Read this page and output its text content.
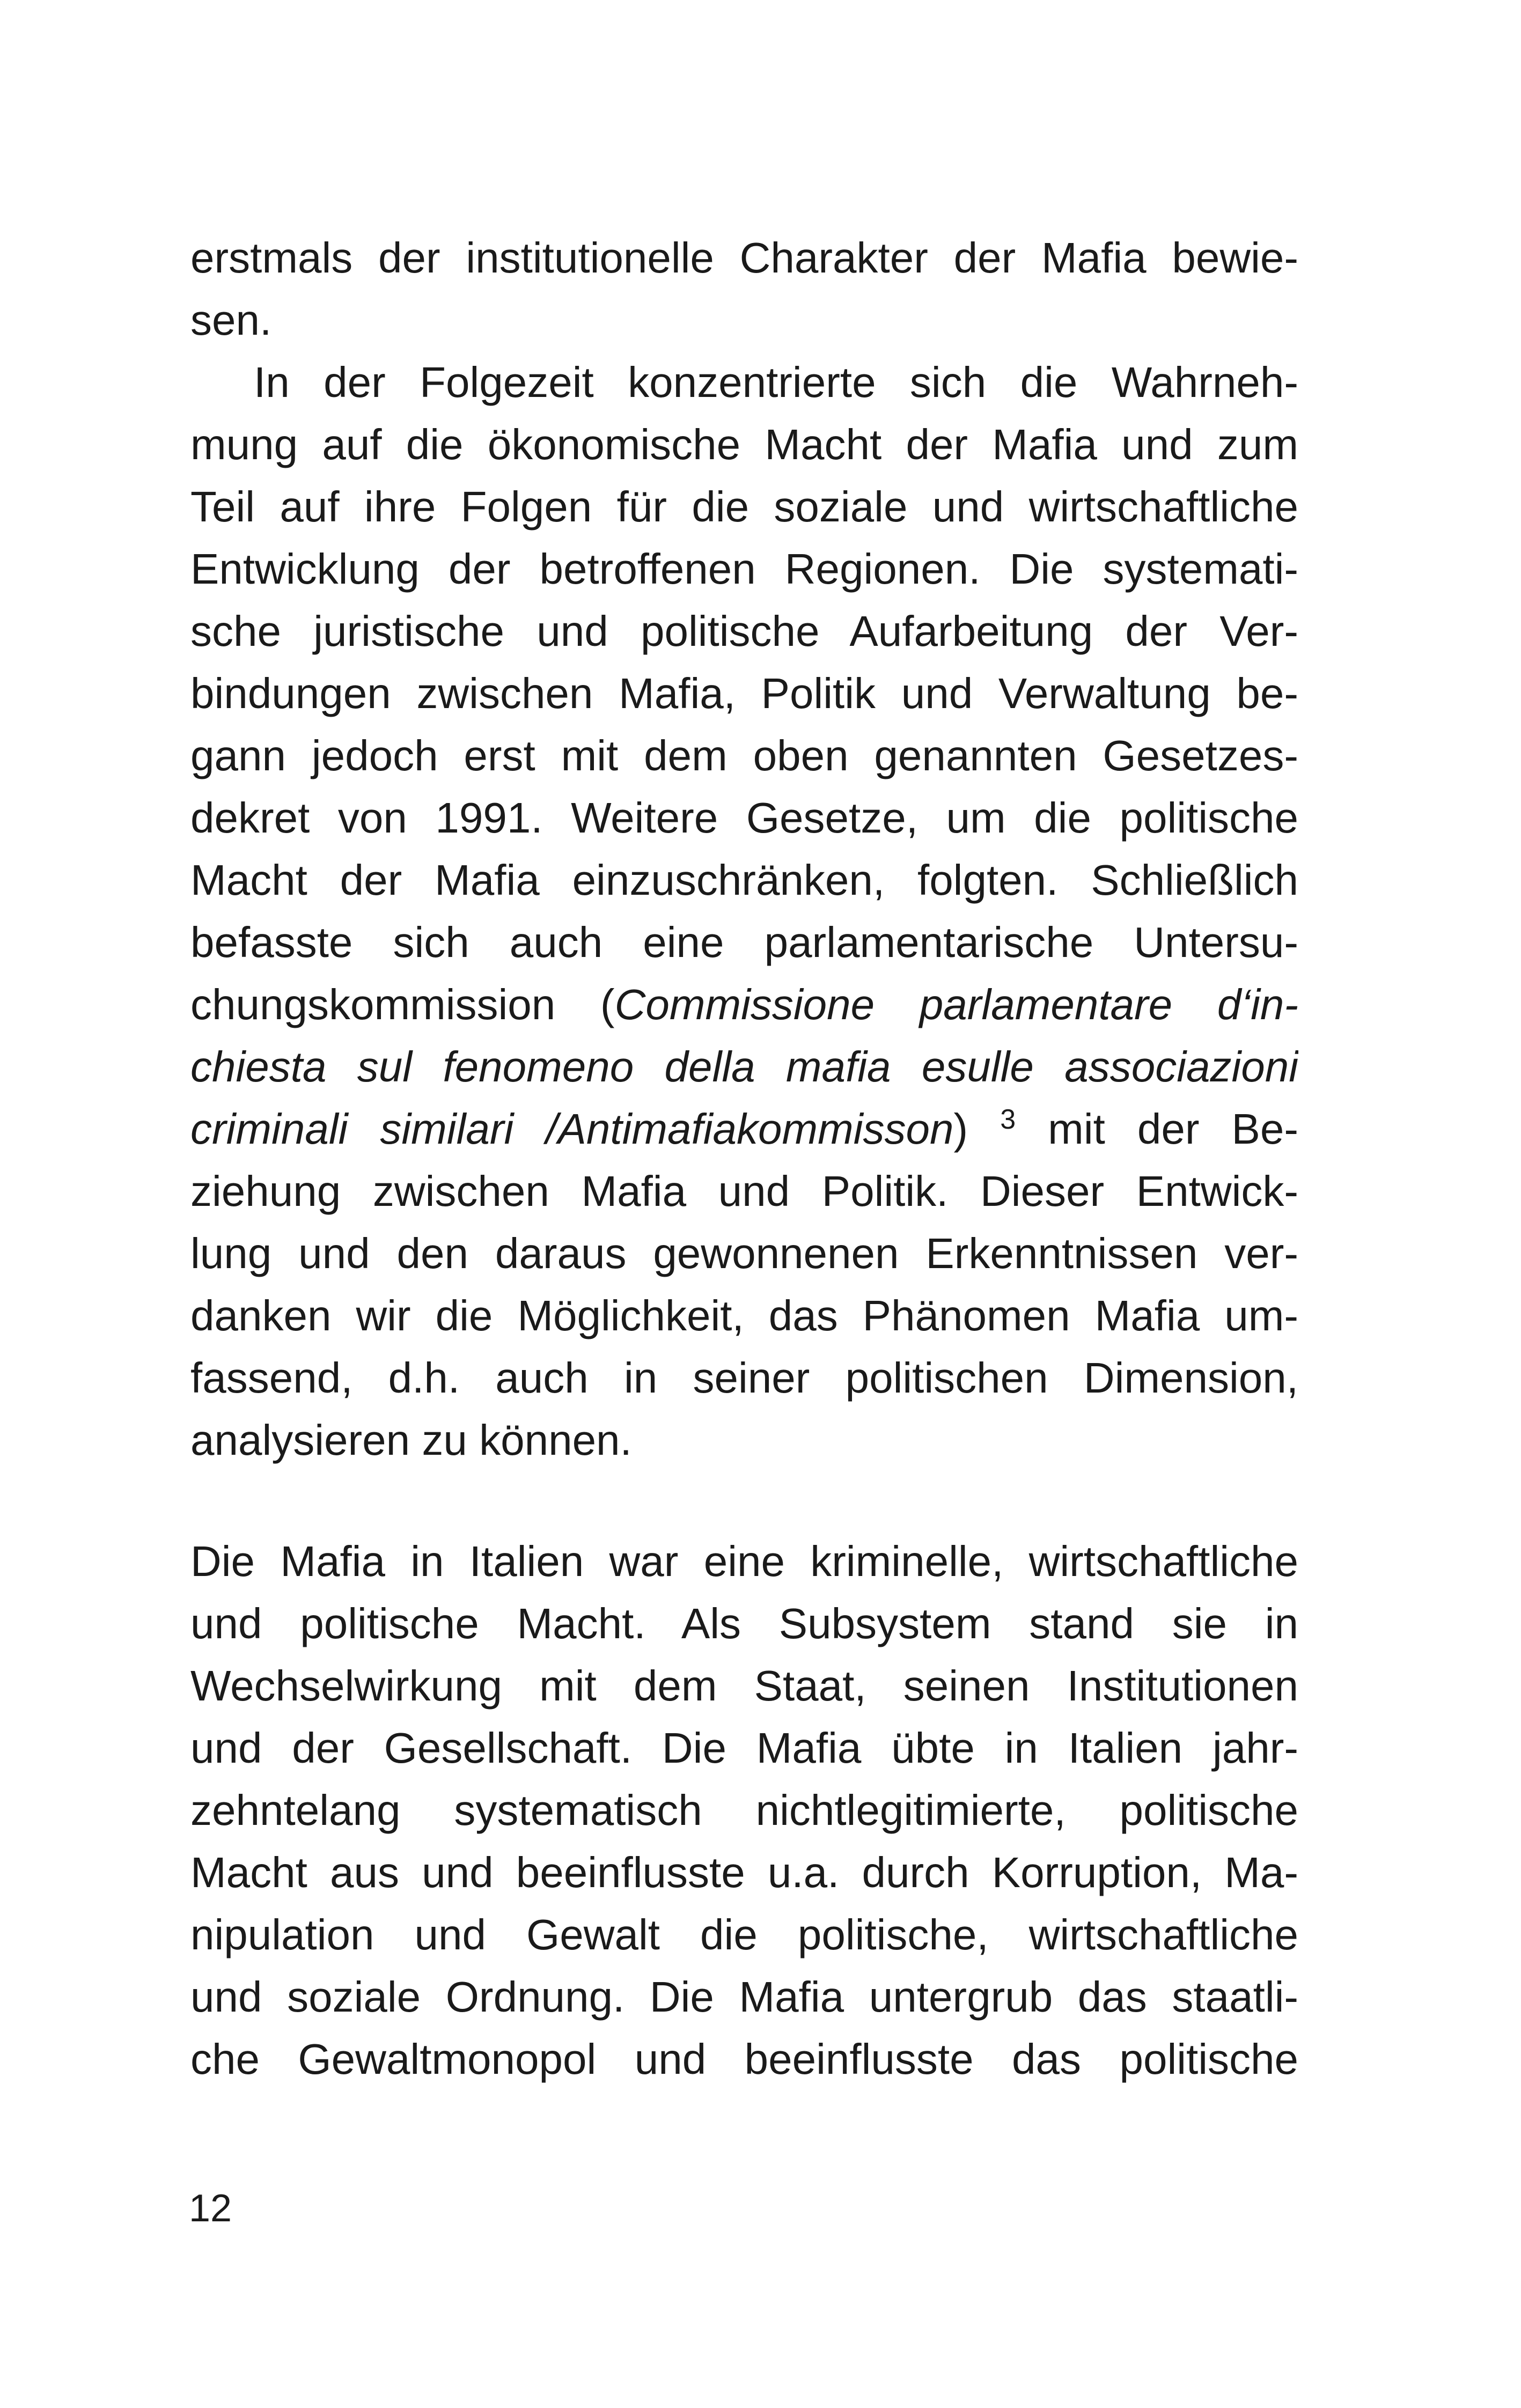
erstmals der institutionelle Charakter der Mafia bewie-
sen.
In der Folgezeit konzentrierte sich die Wahrneh-
mung auf die ökonomische Macht der Mafia und zum
Teil auf ihre Folgen für die soziale und wirtschaftliche
Entwicklung der betroffenen Regionen. Die systemati-
sche juristische und politische Aufarbeitung der Ver-
bindungen zwischen Mafia, Politik und Verwaltung be-
gann jedoch erst mit dem oben genannten Gesetzes-
dekret von 1991. Weitere Gesetze, um die politische
Macht der Mafia einzuschränken, folgten. Schließlich
befasste sich auch eine parlamentarische Untersu-
chungskommission (Commissione parlamentare d‘in-
chiesta sul fenomeno della mafia esulle associazioni
criminali similari /Antimafiakommisson) $^3$ mit der Be-
ziehung zwischen Mafia und Politik. Dieser Entwick-
lung und den daraus gewonnenen Erkenntnissen ver-
danken wir die Möglichkeit, das Phänomen Mafia um-
fassend, d.h. auch in seiner politischen Dimension,
analysieren zu können.
Die Mafia in Italien war eine kriminelle, wirtschaftliche
und politische Macht. Als Subsystem stand sie in
Wechselwirkung mit dem Staat, seinen Institutionen
und der Gesellschaft. Die Mafia übte in Italien jahr-
zehntelang systematisch nichtlegitimierte, politische
Macht aus und beeinflusste u.a. durch Korruption, Ma-
nipulation und Gewalt die politische, wirtschaftliche
und soziale Ordnung. Die Mafia untergrub das staatli-
che Gewaltmonopol und beeinflusste das politische
12
